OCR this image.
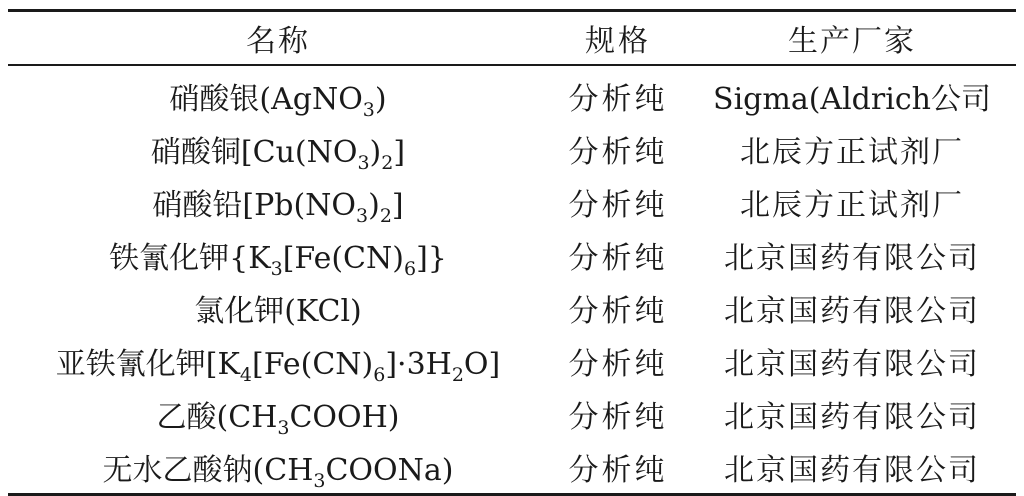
名称	规格	生产厂家
硝酸银(AgNO$_3$)	分析纯	Sigma(Aldrich公司
硝酸铜$[Cu(NO_3)_2]$	分析纯	北辰方正试剂厂
硝酸铅$[Pb(NO_3)_2]$	分析纯	北辰方正试剂厂
铁氰化钾$\{K_3[Fe(CN)_6]\}$	分析纯	北京国药有限公司
氯化钾(KCl)	分析纯	北京国药有限公司
亚铁氰化钾$[K_4[Fe(CN)_6]\cdot 3H_2O]$	分析纯	北京国药有限公司
乙酸$(CH_3COOH)$	分析纯	北京国药有限公司
无水乙酸钠$(CH_3COONa)$	分析纯	北京国药有限公司
